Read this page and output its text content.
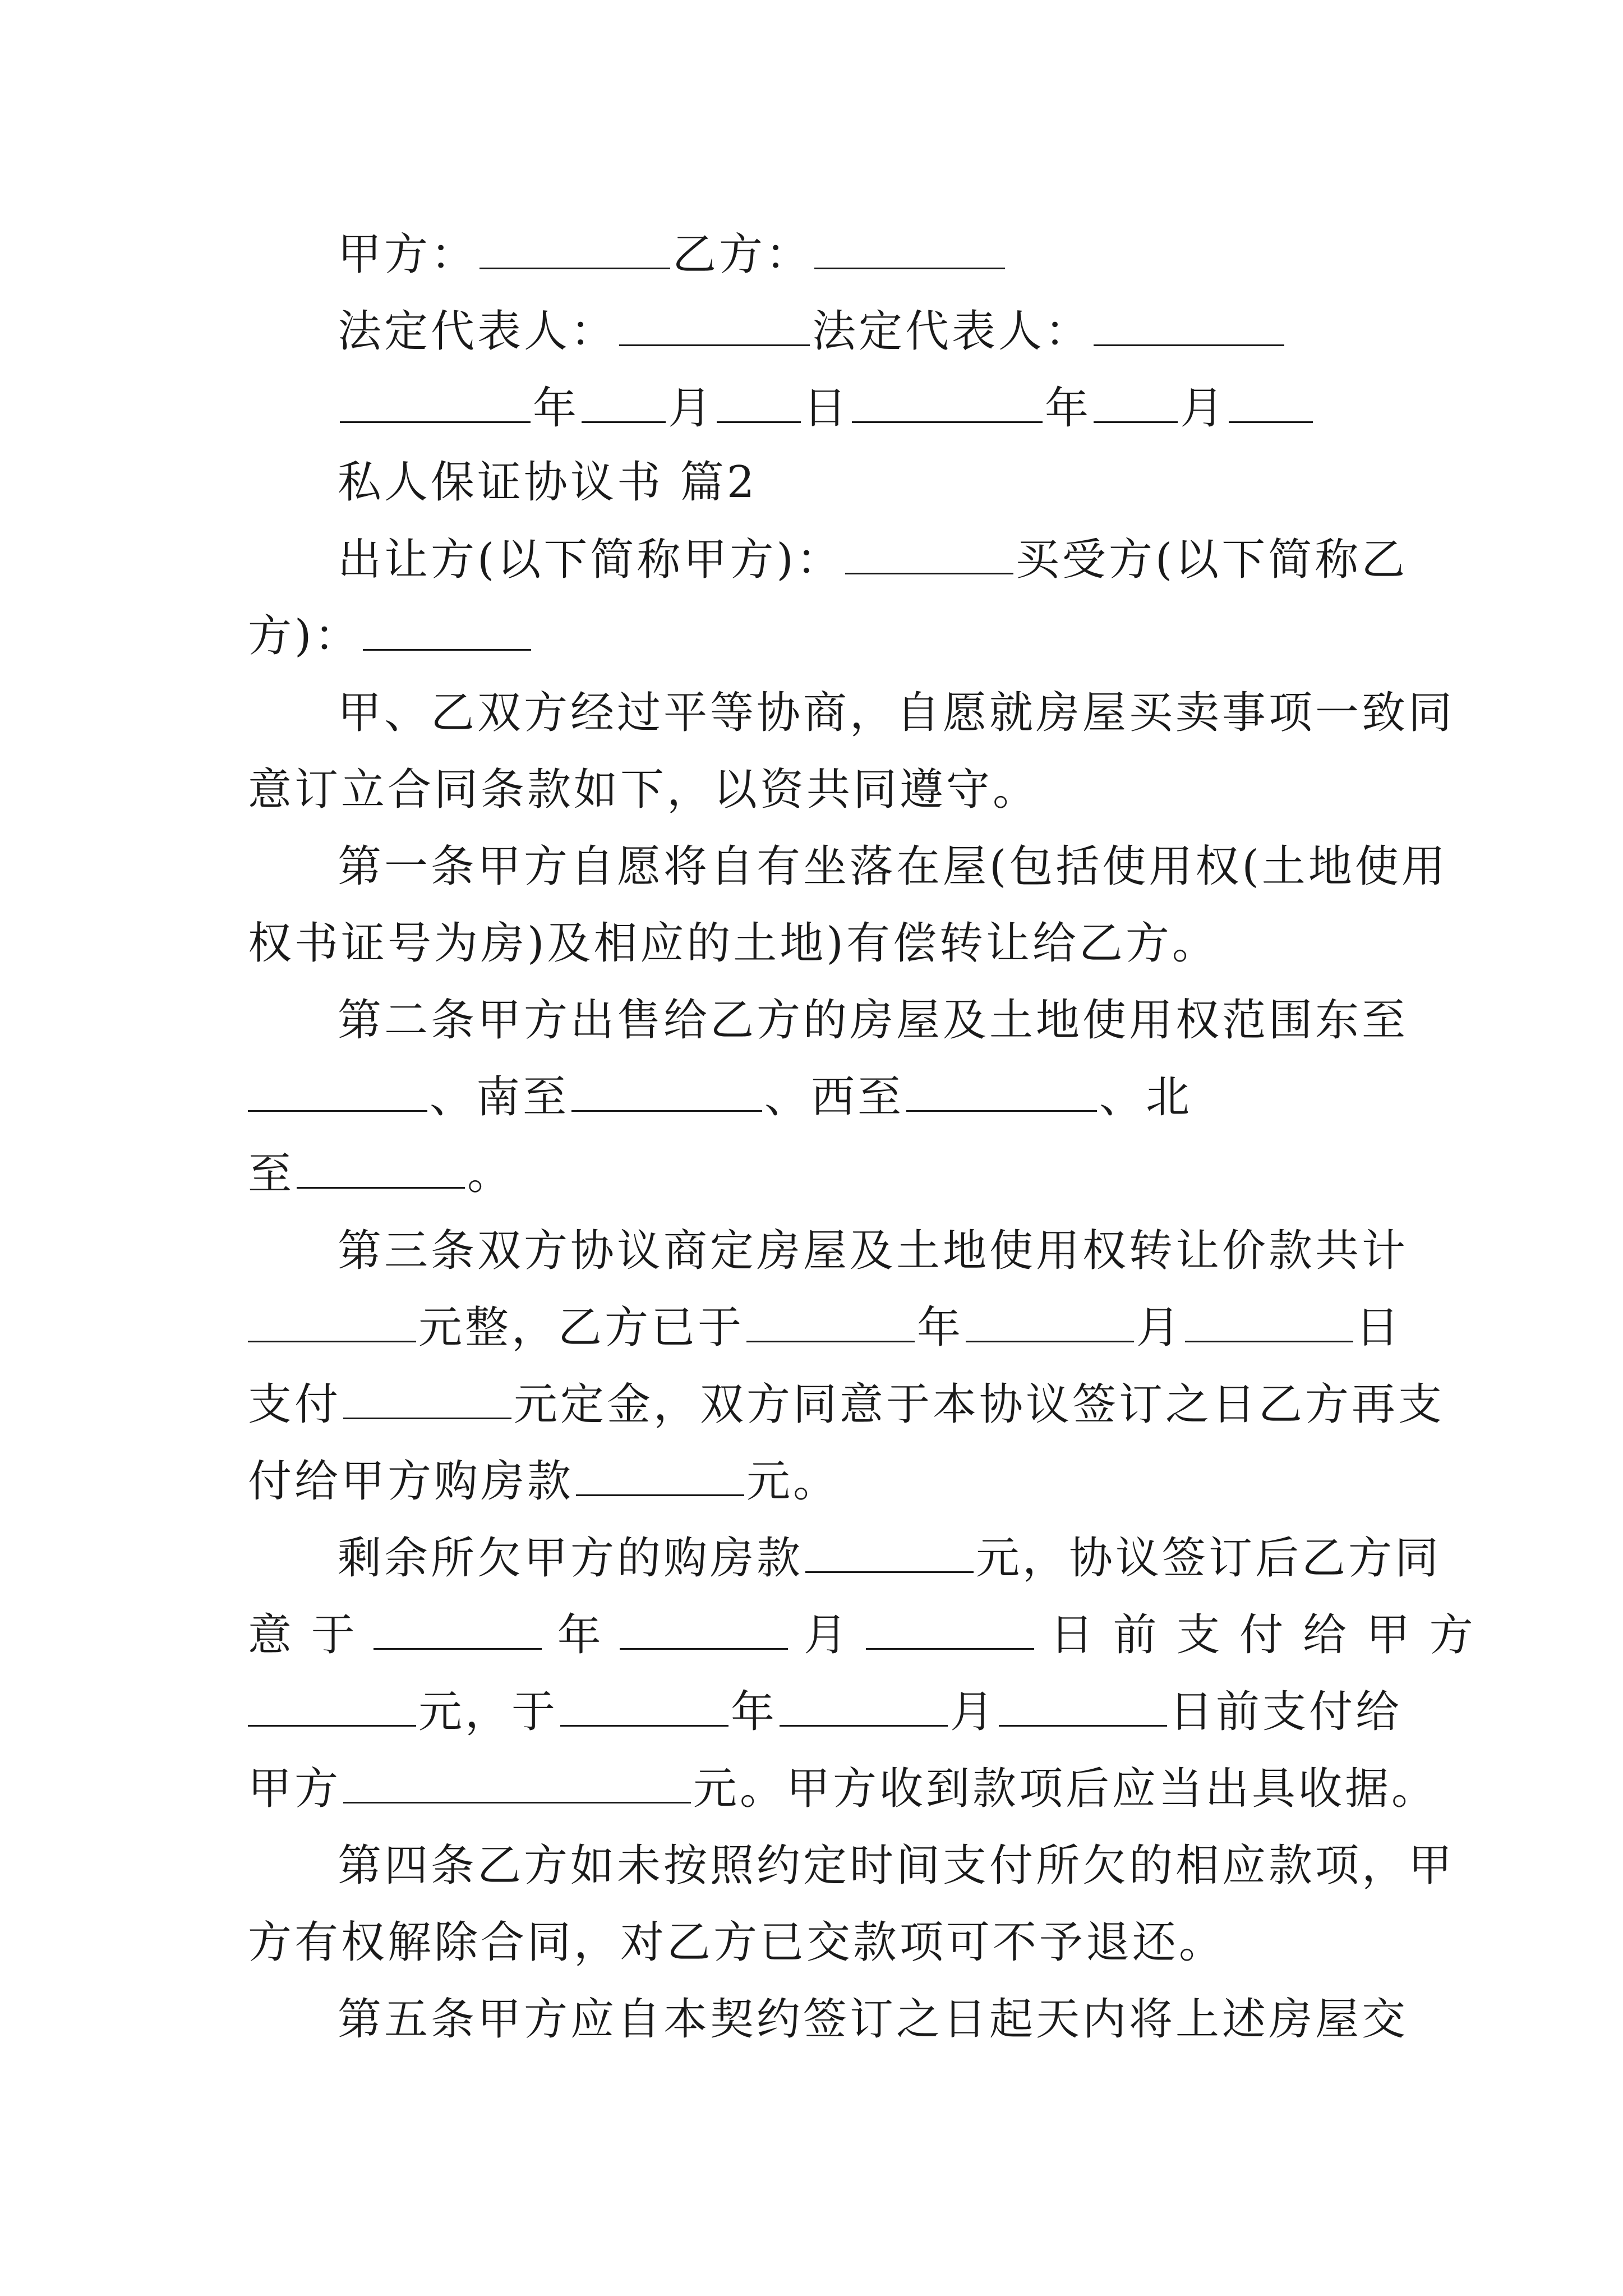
甲方：	乙方：
法定代表人：	法定代表人：
年 月 日	年 月
私人保证协议书 篇2
出让方(以下简称甲方)：	买受方(以下简称乙
方)：
甲、乙双方经过平等协商，自愿就房屋买卖事项一致同
意订立合同条款如下，以资共同遵守。
第一条甲方自愿将自有坐落在屋(包括使用权(土地使用
权书证号为房)及相应的土地)有偿转让给乙方。
第二条甲方出售给乙方的房屋及土地使用权范围东至
、南至	、西至	、北
至	。
第三条双方协议商定房屋及土地使用权转让价款共计
元整，乙方已于	年	月	日
支付	元定金，双方同意于本协议签订之日乙方再支
付给甲方购房款	元。
剩余所欠甲方的购房款	元，协议签订后乙方同
意 于	年	月	日 前 支 付 给 甲 方
元，于	年	月	日前支付给
甲方	元。甲方收到款项后应当出具收据。
第四条乙方如未按照约定时间支付所欠的相应款项，甲
方有权解除合同，对乙方已交款项可不予退还。
第五条甲方应自本契约签订之日起天内将上述房屋交
